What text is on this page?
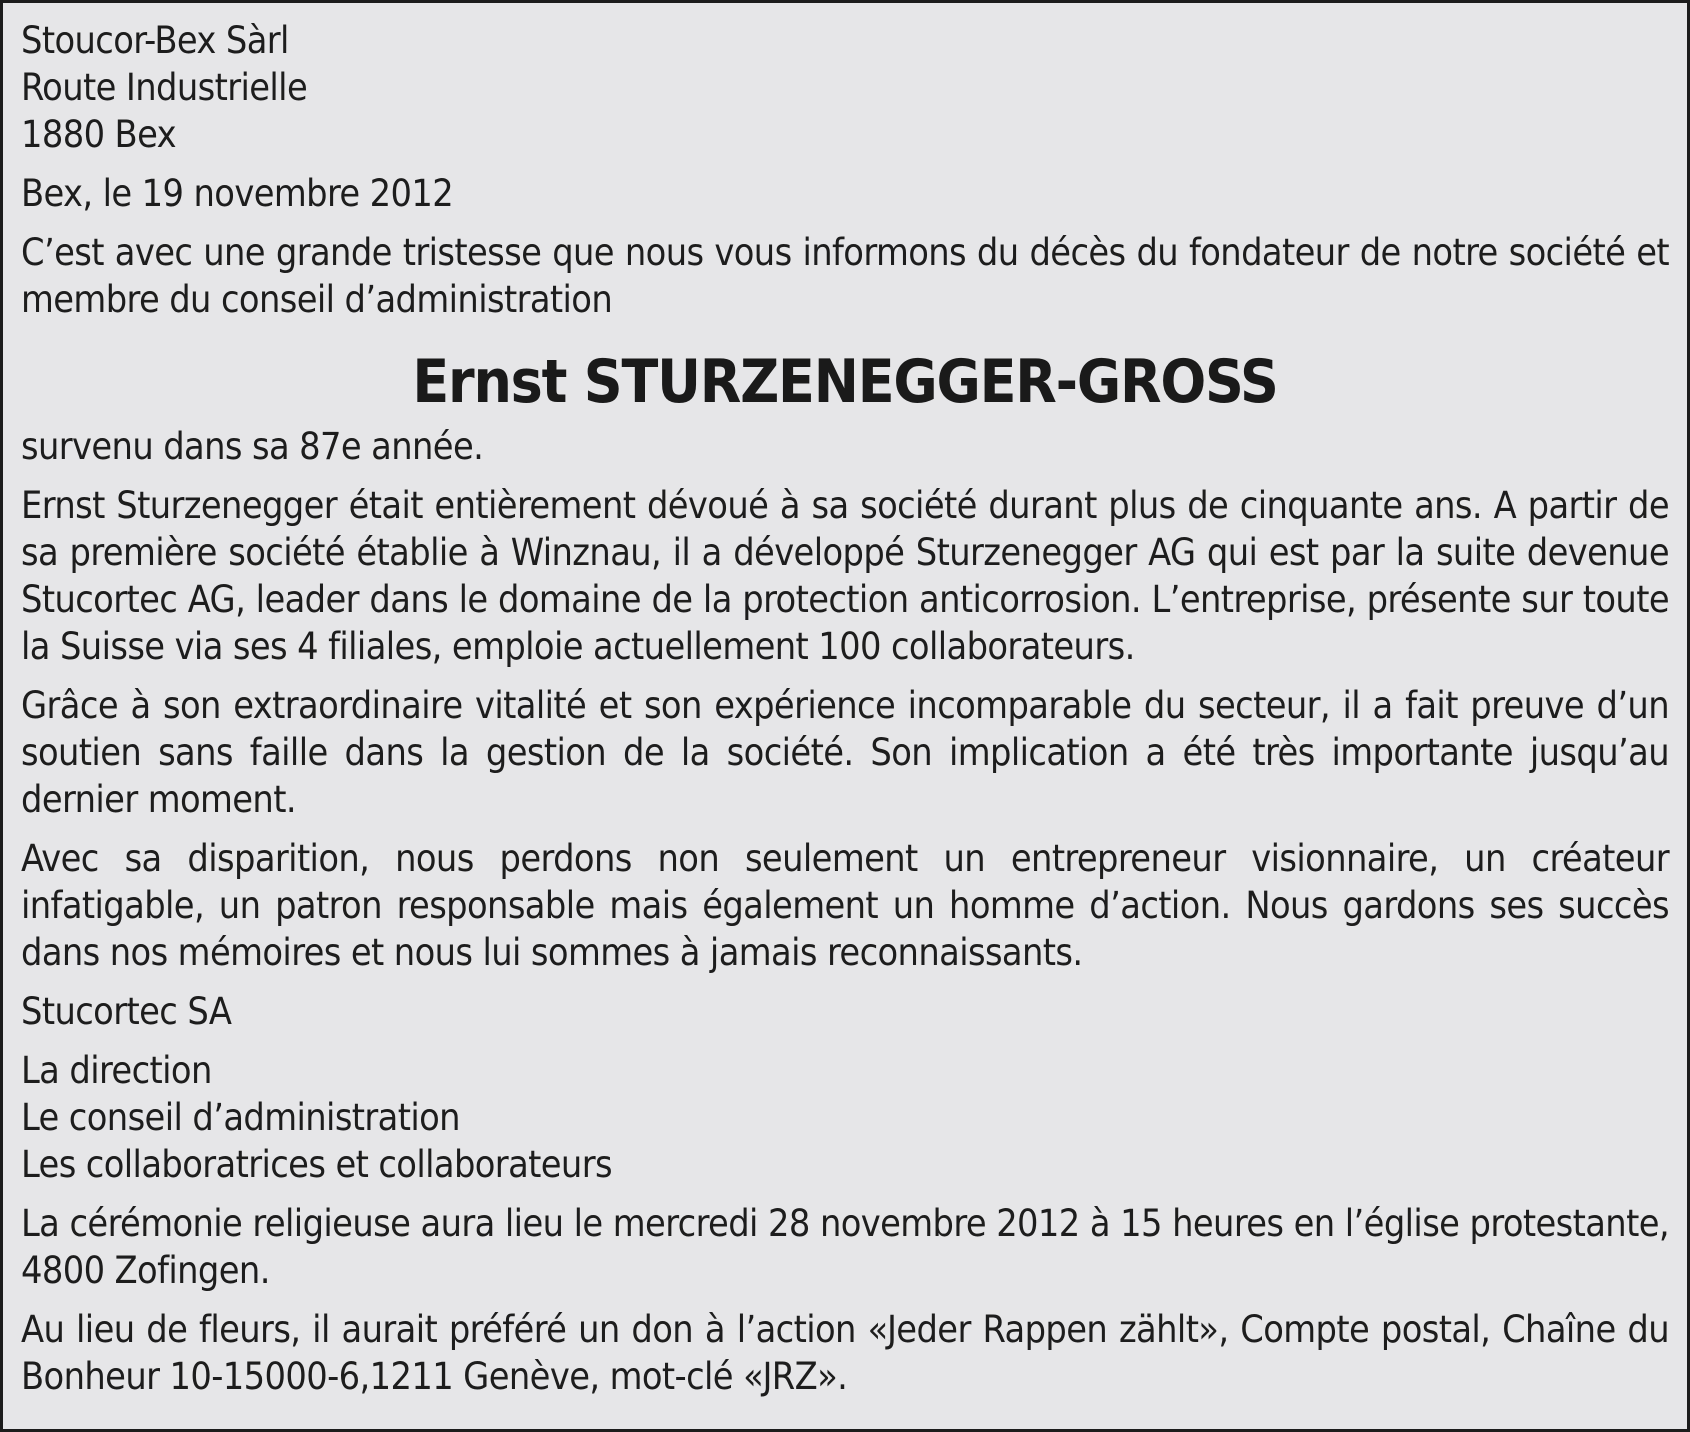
Stoucor-Bex Sàrl
Route Industrielle
1880 Bex

Bex, le 19 novembre 2012

C’est avec une grande tristesse que nous vous informons du décès du fondateur de notre société et membre du conseil d’administration

Ernst STURZENEGGER-GROSS

survenu dans sa 87e année.

Ernst Sturzenegger était entièrement dévoué à sa société durant plus de cinquante ans. A partir de sa première société établie à Winznau, il a développé Sturzenegger AG qui est par la suite devenue Stucortec AG, leader dans le domaine de la protection anticorrosion. L’entreprise, présente sur toute la Suisse via ses 4 filiales, emploie actuellement 100 collaborateurs.

Grâce à son extraordinaire vitalité et son expérience incomparable du secteur, il a fait preuve d’un soutien sans faille dans la gestion de la société. Son implication a été très importante jusqu’au dernier moment.

Avec sa disparition, nous perdons non seulement un entrepreneur visionnaire, un créateur infatigable, un patron responsable mais également un homme d’action. Nous gardons ses succès dans nos mémoires et nous lui sommes à jamais reconnaissants.

Stucortec SA

La direction
Le conseil d’administration
Les collaboratrices et collaborateurs

La cérémonie religieuse aura lieu le mercredi 28 novembre 2012 à 15 heures en l’église protestante, 4800 Zofingen.

Au lieu de fleurs, il aurait préféré un don à l’action «Jeder Rappen zählt», Compte postal, Chaîne du Bonheur 10-15000-6,1211 Genève, mot-clé «JRZ».
